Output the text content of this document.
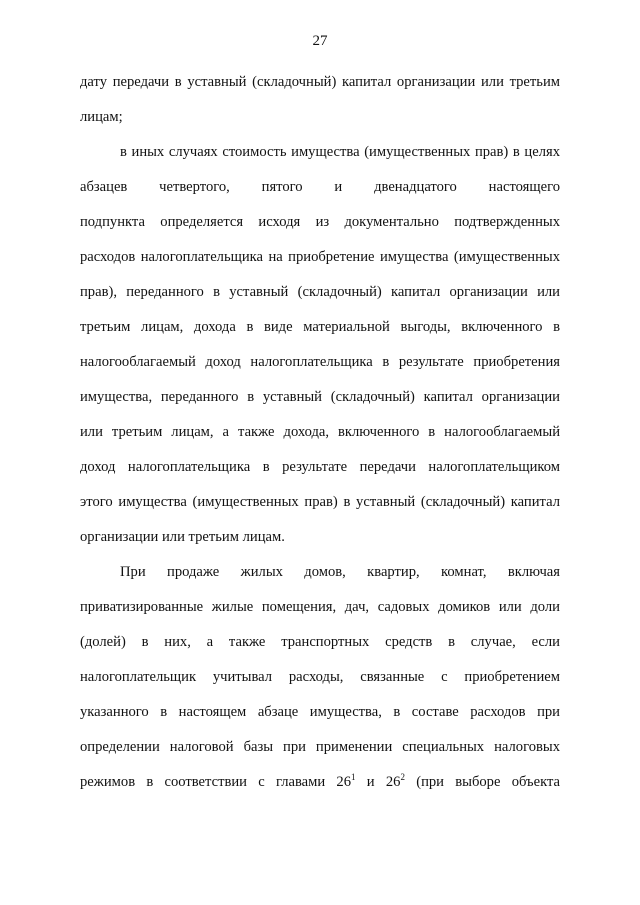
27
дату передачи в уставный (складочный) капитал организации или третьим
лицам;
в иных случаях стоимость имущества (имущественных прав) в целях
абзацев четвертого, пятого и двенадцатого настоящего
подпункта определяется исходя из документально подтвержденных
расходов налогоплательщика на приобретение имущества (имущественных
прав), переданного в уставный (складочный) капитал организации или
третьим лицам, дохода в виде материальной выгоды, включенного в
налогооблагаемый доход налогоплательщика в результате приобретения
имущества, переданного в уставный (складочный) капитал организации
или третьим лицам, а также дохода, включенного в налогооблагаемый
доход налогоплательщика в результате передачи налогоплательщиком
этого имущества (имущественных прав) в уставный (складочный) капитал
организации или третьим лицам.
При продаже жилых домов, квартир, комнат, включая
приватизированные жилые помещения, дач, садовых домиков или доли
(долей) в них, а также транспортных средств в случае, если
налогоплательщик учитывал расходы, связанные с приобретением
указанного в настоящем абзаце имущества, в составе расходов при
определении налоговой базы при применении специальных налоговых
режимов в соответствии с главами $26^1$ и $26^2$ (при выборе объекта
